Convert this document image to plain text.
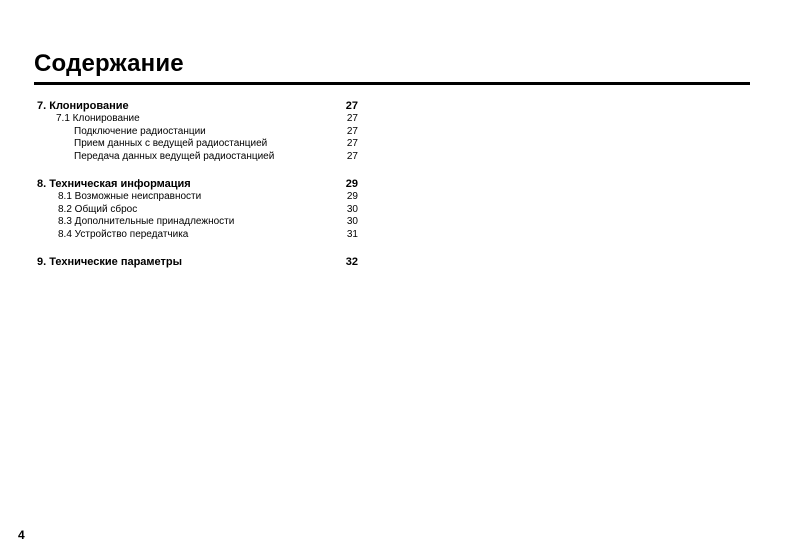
Содержание
7. Клонирование	27
7.1 Клонирование	27
Подключение радиостанции	27
Прием данных с ведущей радиостанцией	27
Передача данных ведущей радиостанцией	27
8. Техническая информация	29
8.1 Возможные неисправности	29
8.2 Общий сброс	30
8.3 Дополнительные принадлежности	30
8.4 Устройство передатчика	31
9. Технические параметры	32
4
